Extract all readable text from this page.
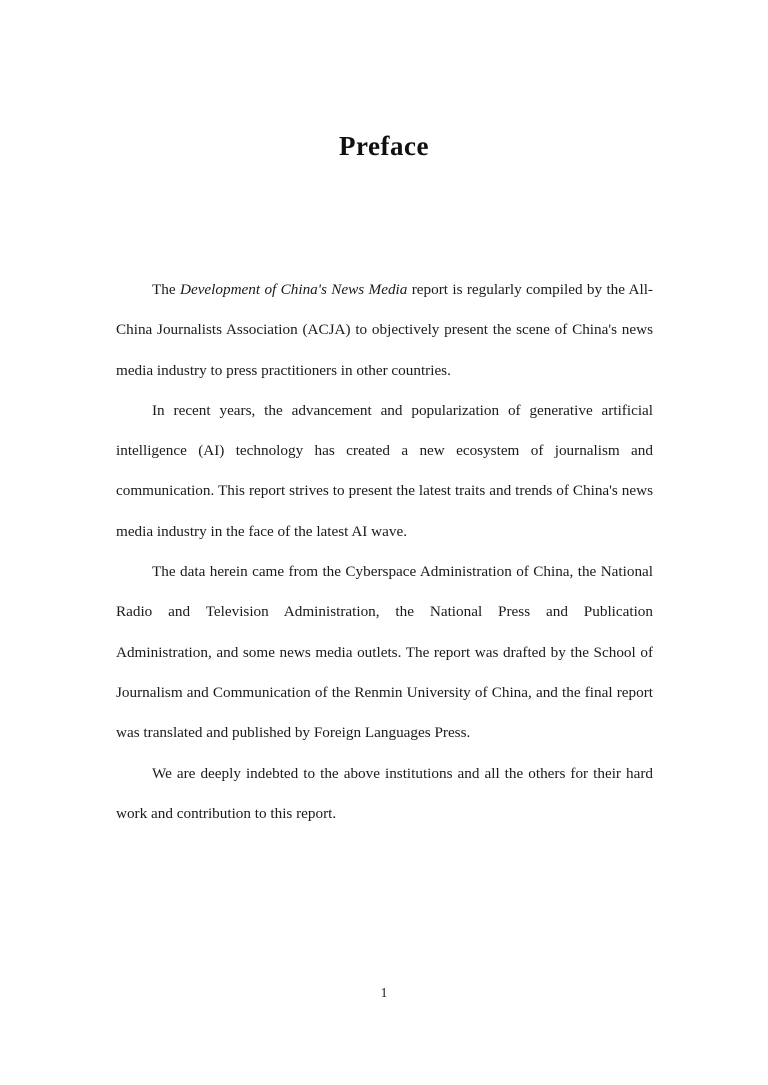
Preface

The Development of China's News Media report is regularly compiled by the All-China Journalists Association (ACJA) to objectively present the scene of China's news media industry to press practitioners in other countries.

In recent years, the advancement and popularization of generative artificial intelligence (AI) technology has created a new ecosystem of journalism and communication. This report strives to present the latest traits and trends of China's news media industry in the face of the latest AI wave.

The data herein came from the Cyberspace Administration of China, the National Radio and Television Administration, the National Press and Publication Administration, and some news media outlets. The report was drafted by the School of Journalism and Communication of the Renmin University of China, and the final report was translated and published by Foreign Languages Press.

We are deeply indebted to the above institutions and all the others for their hard work and contribution to this report.

1
